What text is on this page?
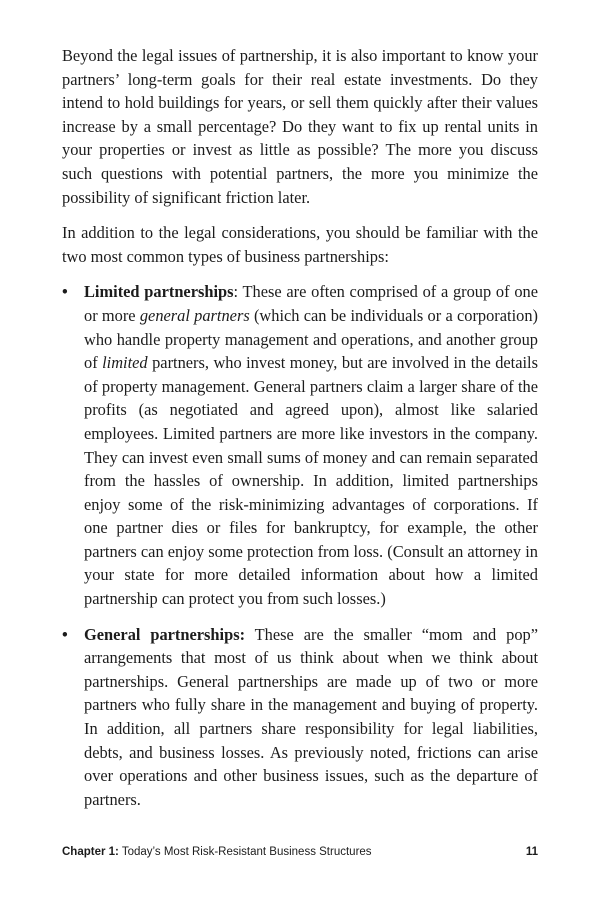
Beyond the legal issues of partnership, it is also important to know your partners’ long-term goals for their real estate investments. Do they intend to hold buildings for years, or sell them quickly after their values increase by a small percentage? Do they want to fix up rental units in your properties or invest as little as possible? The more you discuss such questions with potential partners, the more you minimize the possibility of significant friction later.

In addition to the legal considerations, you should be familiar with the two most common types of business partnerships:

• Limited partnerships: These are often comprised of a group of one or more general partners (which can be individuals or a corporation) who handle property management and operations, and another group of limited partners, who invest money, but are involved in the details of property management. General partners claim a larger share of the profits (as negotiated and agreed upon), almost like salaried employees. Limited partners are more like investors in the company. They can invest even small sums of money and can remain separated from the hassles of ownership. In addition, limited partnerships enjoy some of the risk-minimizing advantages of corporations. If one partner dies or files for bankruptcy, for example, the other partners can enjoy some protection from loss. (Consult an attorney in your state for more detailed information about how a limited partnership can protect you from such losses.)
• General partnerships: These are the smaller “mom and pop” arrangements that most of us think about when we think about partnerships. General partnerships are made up of two or more partners who fully share in the management and buying of property. In addition, all partners share responsibility for legal liabilities, debts, and business losses. As previously noted, frictions can arise over operations and other business issues, such as the departure of partners.
Chapter 1: Today’s Most Risk-Resistant Business Structures	11
